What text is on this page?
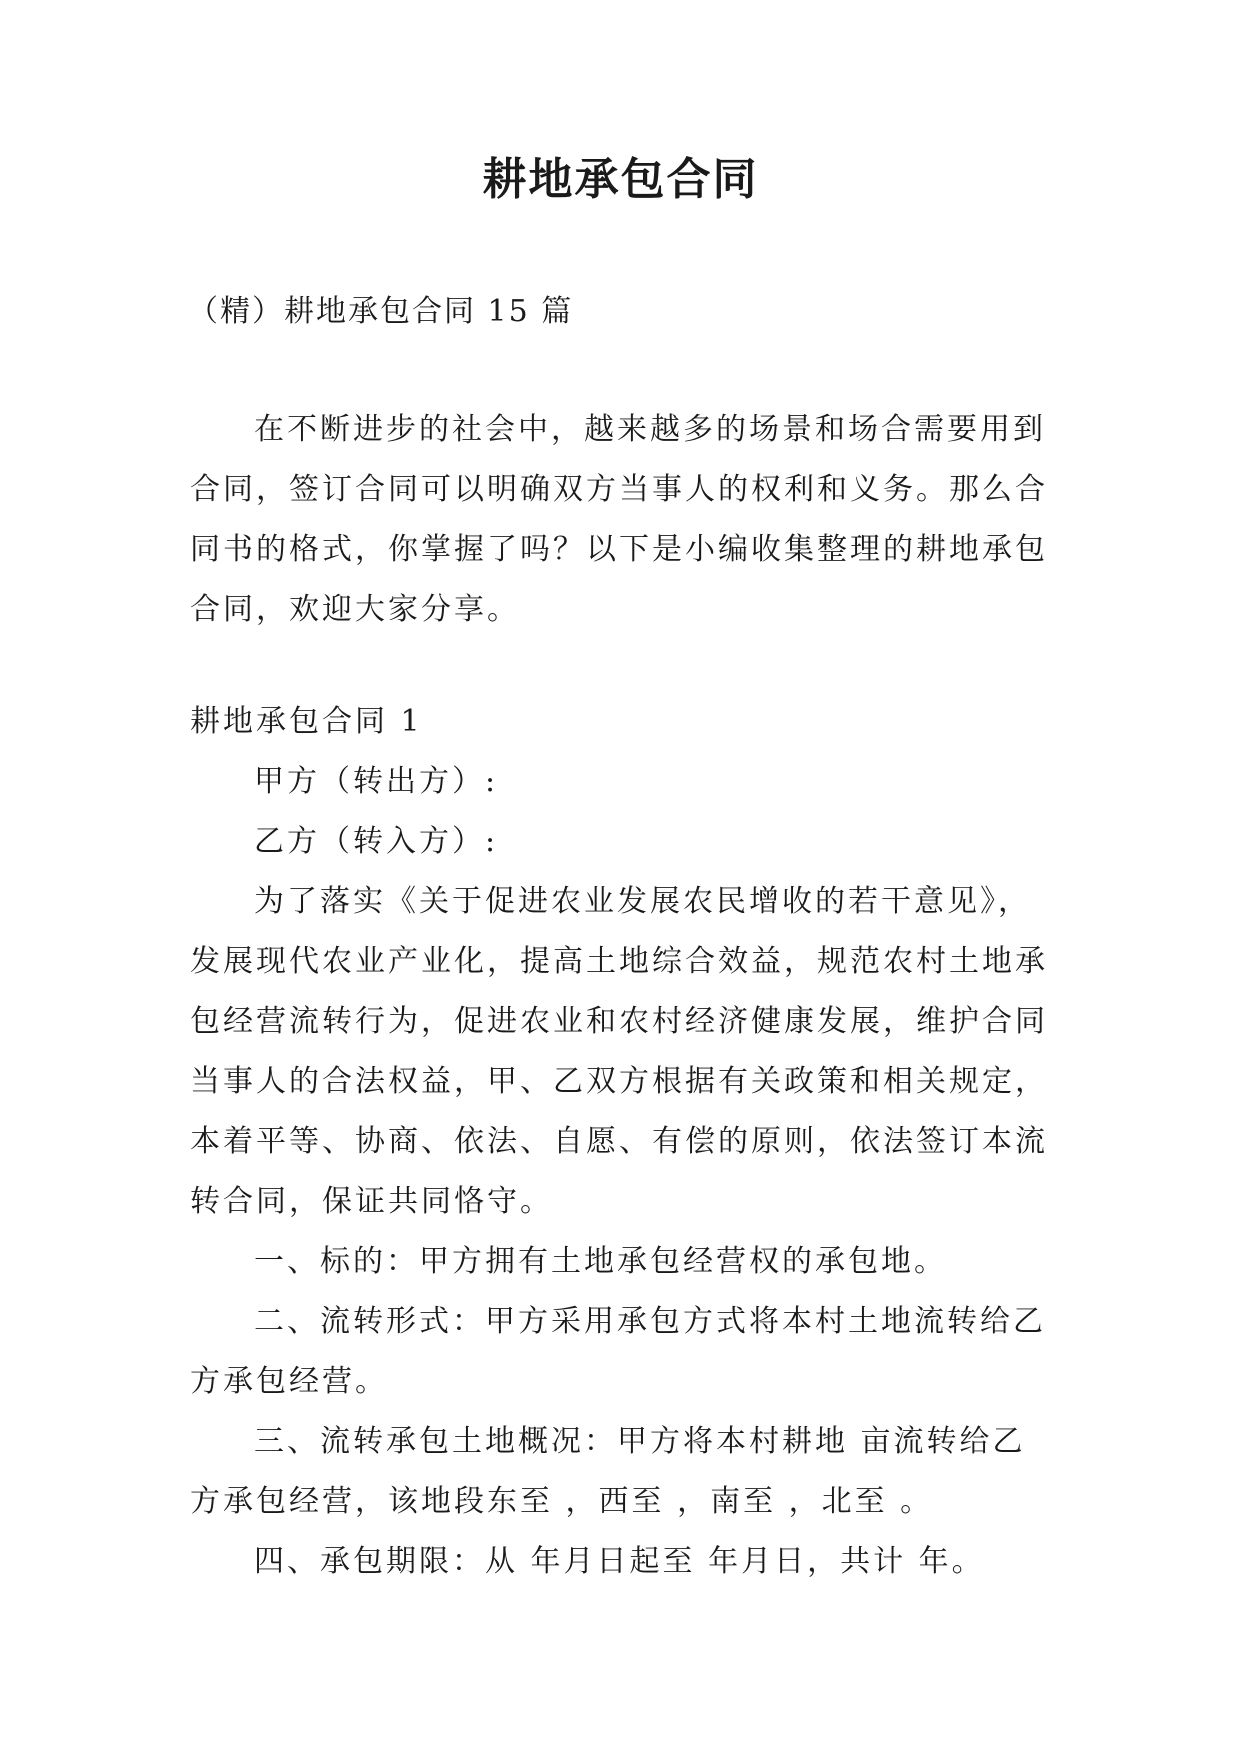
耕地承包合同
（精）耕地承包合同 15 篇

在不断进步的社会中，越来越多的场景和场合需要用到合同，签订合同可以明确双方当事人的权利和义务。那么合同书的格式，你掌握了吗？以下是小编收集整理的耕地承包合同，欢迎大家分享。

耕地承包合同 1

甲方（转出方）:

乙方（转入方）:

为了落实《关于促进农业发展农民增收的若干意见》，发展现代农业产业化，提高土地综合效益，规范农村土地承包经营流转行为，促进农业和农村经济健康发展，维护合同当事人的合法权益，甲、乙双方根据有关政策和相关规定，本着平等、协商、依法、自愿、有偿的原则，依法签订本流转合同，保证共同恪守。

一、标的：甲方拥有土地承包经营权的承包地。

二、流转形式：甲方采用承包方式将本村土地流转给乙方承包经营。

三、流转承包土地概况：甲方将本村耕地 亩流转给乙方承包经营，该地段东至 ，西至 ，南至 ，北至 。

四、承包期限：从 年月日起至 年月日，共计 年。
